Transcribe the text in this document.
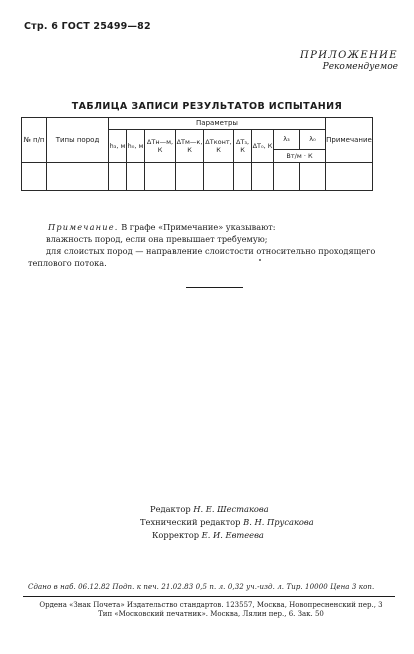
Стр. 6 ГОСТ 25499—82
ПРИЛОЖЕНИЕ
Рекомендуемое
ТАБЛИЦА ЗАПИСИ РЕЗУЛЬТАТОВ ИСПЫТАНИЯ
№ п/п	Типы пород	Параметры									Примечание
		h₃, м	h₀, м	ΔTн—м, К	ΔTм—к, К	ΔTконт, К	ΔT₃, К	ΔT₀, К	λ₃	λ₀	
									Вт/м · К		

Примечание. В графе «Примечание» указывают:

влажность пород, если она превышает требуемую;

для слоистых пород — направление слоистости относительно проходящего

теплового потока.

Редактор Н. Е. Шестакова
Технический редактор В. Н. Прусакова
Корректор Е. И. Евтеева
Сдано в наб. 06.12.82 Подп. к печ. 21.02.83 0,5 п. л. 0,32 уч.-изд. л. Тир. 10000 Цена 3 коп.
Ордена «Знак Почета» Издательство стандартов. 123557, Москва, Новопресненский пер., 3
Тип «Московский печатник». Москва, Лялин пер., 6. Зак. 50
